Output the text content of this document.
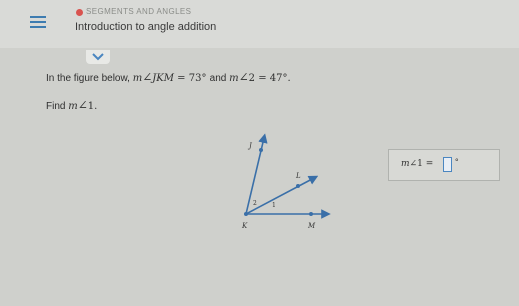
SEGMENTS AND ANGLES
Introduction to angle addition
In the figure below, m∠JKM = 73° and m∠2 = 47°.
Find m∠1.
J
L
K	M
2	1
m∠1 = °
